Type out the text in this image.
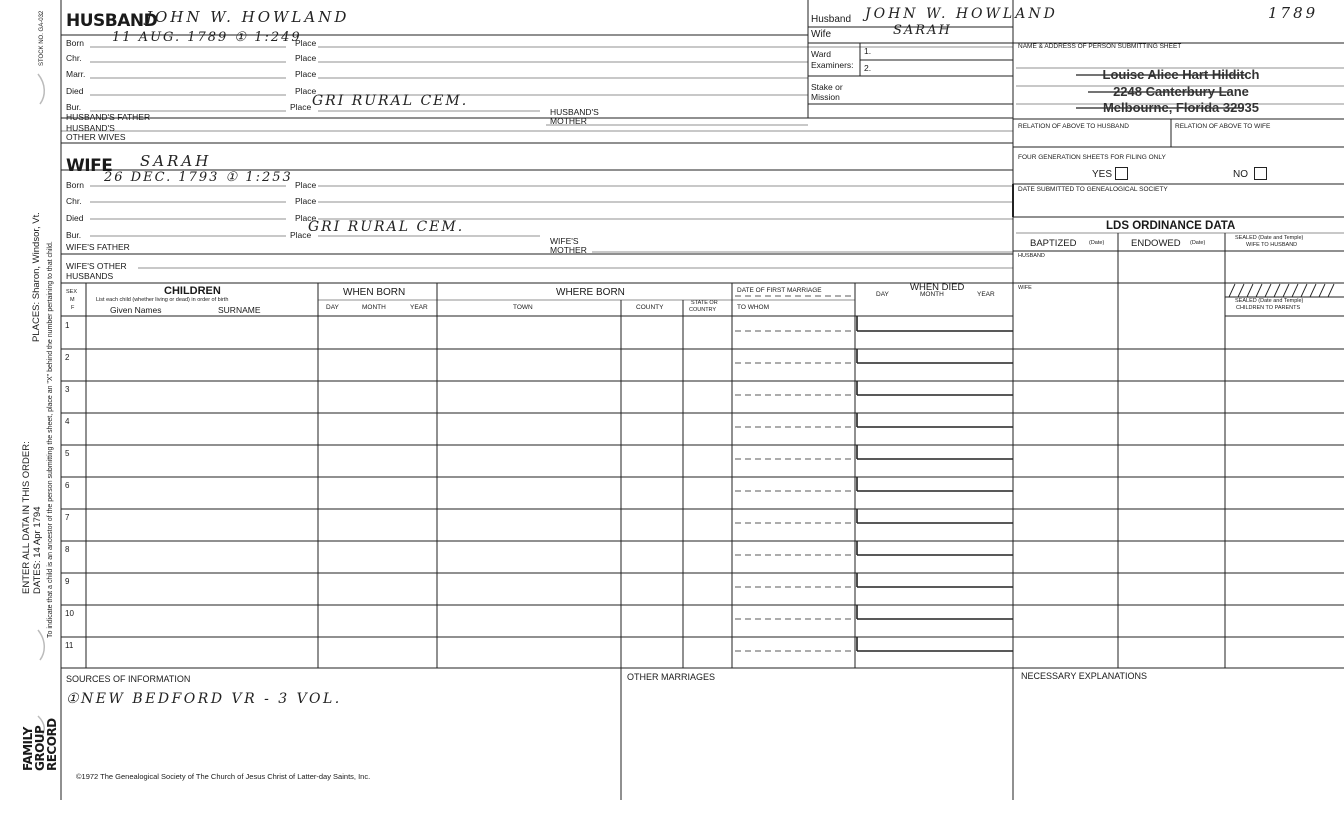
STOCK NO. GA-032
PLACES: Sharon, Windsor, Vt. To indicate that a child is an ancestor of the person submitting the sheet, place an "X" behind the number pertaining to that child.
ENTER ALL DATA IN THIS ORDER: DATES: 14 Apr 1794
FAMILY
GROUP
RECORD
HUSBAND
JOHN W. HOWLAND
Born 11 AUG. 1789 ① 1:249
Place
Chr.	Place
Marr.	Place
Died	Place
Bur.	Place GRI RURAL CEM.
HUSBAND'S FATHER	HUSBAND'S
MOTHER
HUSBAND'S
OTHER WIVES
WIFE SARAH
Born 26 DEC. 1793 ① 1:253 Place
Chr.	Place
Died	Place
Bur.	Place
GRI RURAL CEM.
WIFE'S FATHER
WIFE'S
MOTHER
WIFE'S OTHER
HUSBANDS
Husband JOHN W. HOWLAND	1789
Wife	SARAH
Ward
Examiners:
1.
2.
Stake or
Mission
NAME & ADDRESS OF PERSON SUBMITTING SHEET
Louise Alice Hart Hilditch
2248 Canterbury Lane
Melbourne, Florida 32935
RELATION OF ABOVE TO HUSBAND	RELATION OF ABOVE TO WIFE
FOUR GENERATION SHEETS FOR FILING ONLY
YES	NO
DATE SUBMITTED TO GENEALOGICAL SOCIETY
LDS ORDINANCE DATA
BAPTIZED (Date)	ENDOWED (Date)
SEALED (Date and Temple)
WIFE TO HUSBAND
HUSBAND
WIFE
SEALED (Date and Temple)
CHILDREN TO PARENTS
SEX
M
F
CHILDREN
List each child (whether living or dead) in order of birth
Given Names	SURNAME
WHEN BORN
DAY	MONTH	YEAR
WHERE BORN
TOWN	COUNTY
STATE OR
COUNTRY
DATE OF FIRST MARRIAGE
TO WHOM
WHEN DIED
DAY	MONTH	YEAR
1
2
3
4
5
6
7
8
9
10
11
SOURCES OF INFORMATION
①NEW BEDFORD VR - 3 VOL.
OTHER MARRIAGES	NECESSARY EXPLANATIONS
©1972 The Genealogical Society of The Church of Jesus Christ of Latter-day Saints, Inc.
